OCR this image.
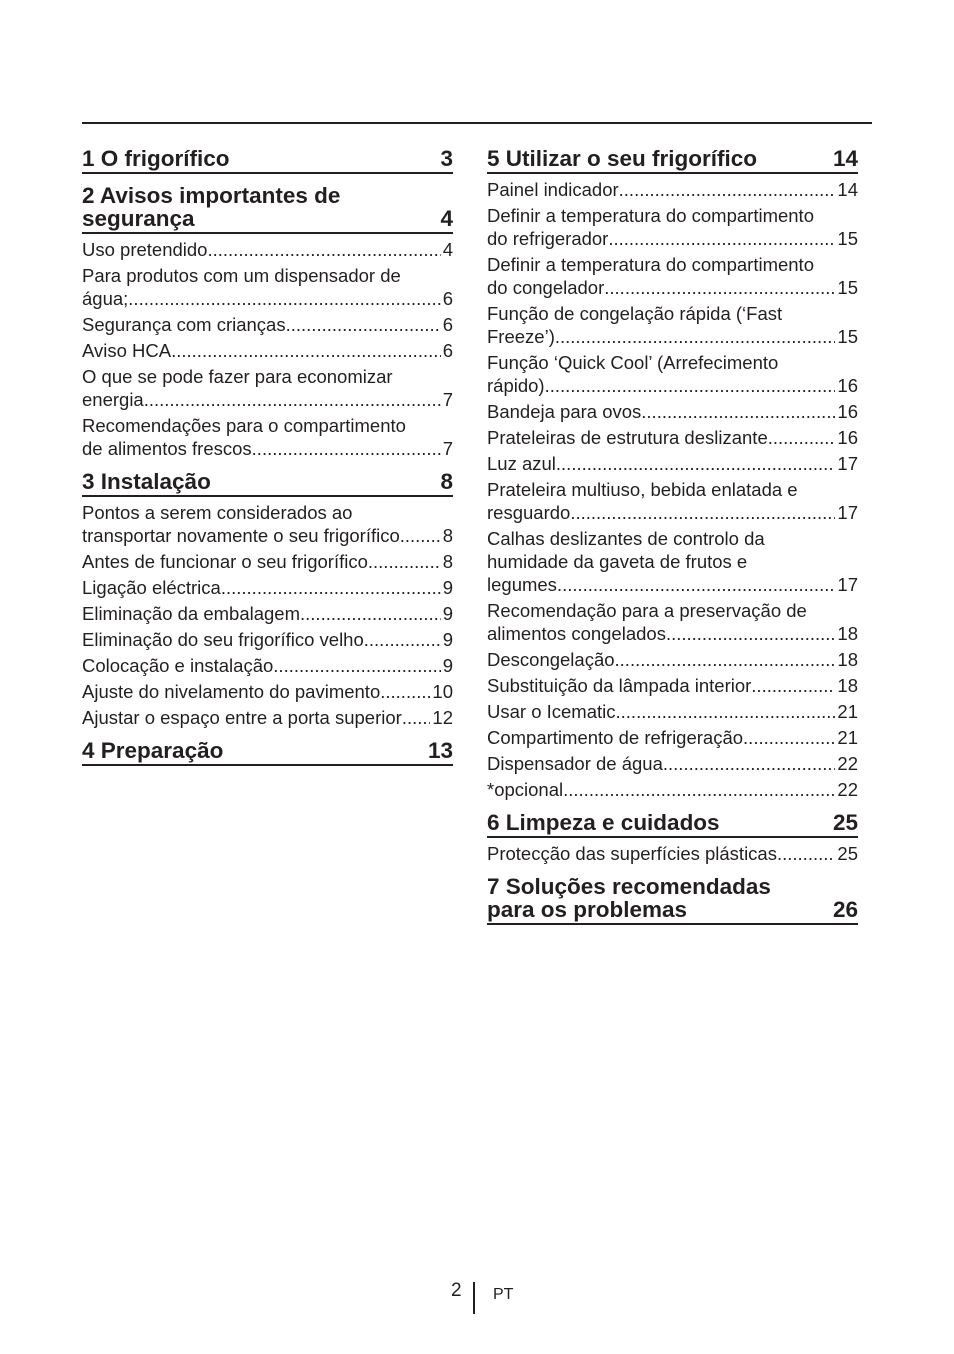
1 O frigorífico	3
2 Avisos importantes de
segurança	4
Uso pretendido .....	4
Para produtos com um dispensador de
água; .....	6
Segurança com crianças .....	6
Aviso HCA .....	6
O que se pode fazer para economizar
energia .....	7
Recomendações para o compartimento
de alimentos frescos .....	7
3 Instalação	8
Pontos a serem considerados ao
transportar novamente o seu frigorífico. ..... 8
Antes de funcionar o seu frigorífico .....	8
Ligação eléctrica .....	9
Eliminação da embalagem .....	9
Eliminação do seu frigorífico velho .....	9
Colocação e instalação .....	9
Ajuste do nivelamento do pavimento .....	10
Ajustar o espaço entre a porta superior ..... 12
4 Preparação	13
5 Utilizar o seu frigorífico	14
Painel indicador .....	14
Definir a temperatura do compartimento
do refrigerador .....	15
Definir a temperatura do compartimento
do congelador .....	15
Função de congelação rápida (‘Fast
Freeze’) .....	15
Função ‘Quick Cool’ (Arrefecimento
rápido) .....	16
Bandeja para ovos .....	16
Prateleiras de estrutura deslizante .....	16
Luz azul .....	17
Prateleira multiuso, bebida enlatada e
resguardo .....	17
Calhas deslizantes de controlo da
humidade da gaveta de frutos e
legumes .....	17
Recomendação para a preservação de
alimentos congelados .....	18
Descongelação .....	18
Substituição da lâmpada interior .....	18
Usar o Icematic .....	21
Compartimento de refrigeração .....	21
Dispensador de água .....	22
*opcional .....	22
6 Limpeza e cuidados	25
Protecção das superfícies plásticas .....	25
7 Soluções recomendadas
para os problemas	26
2 PT
